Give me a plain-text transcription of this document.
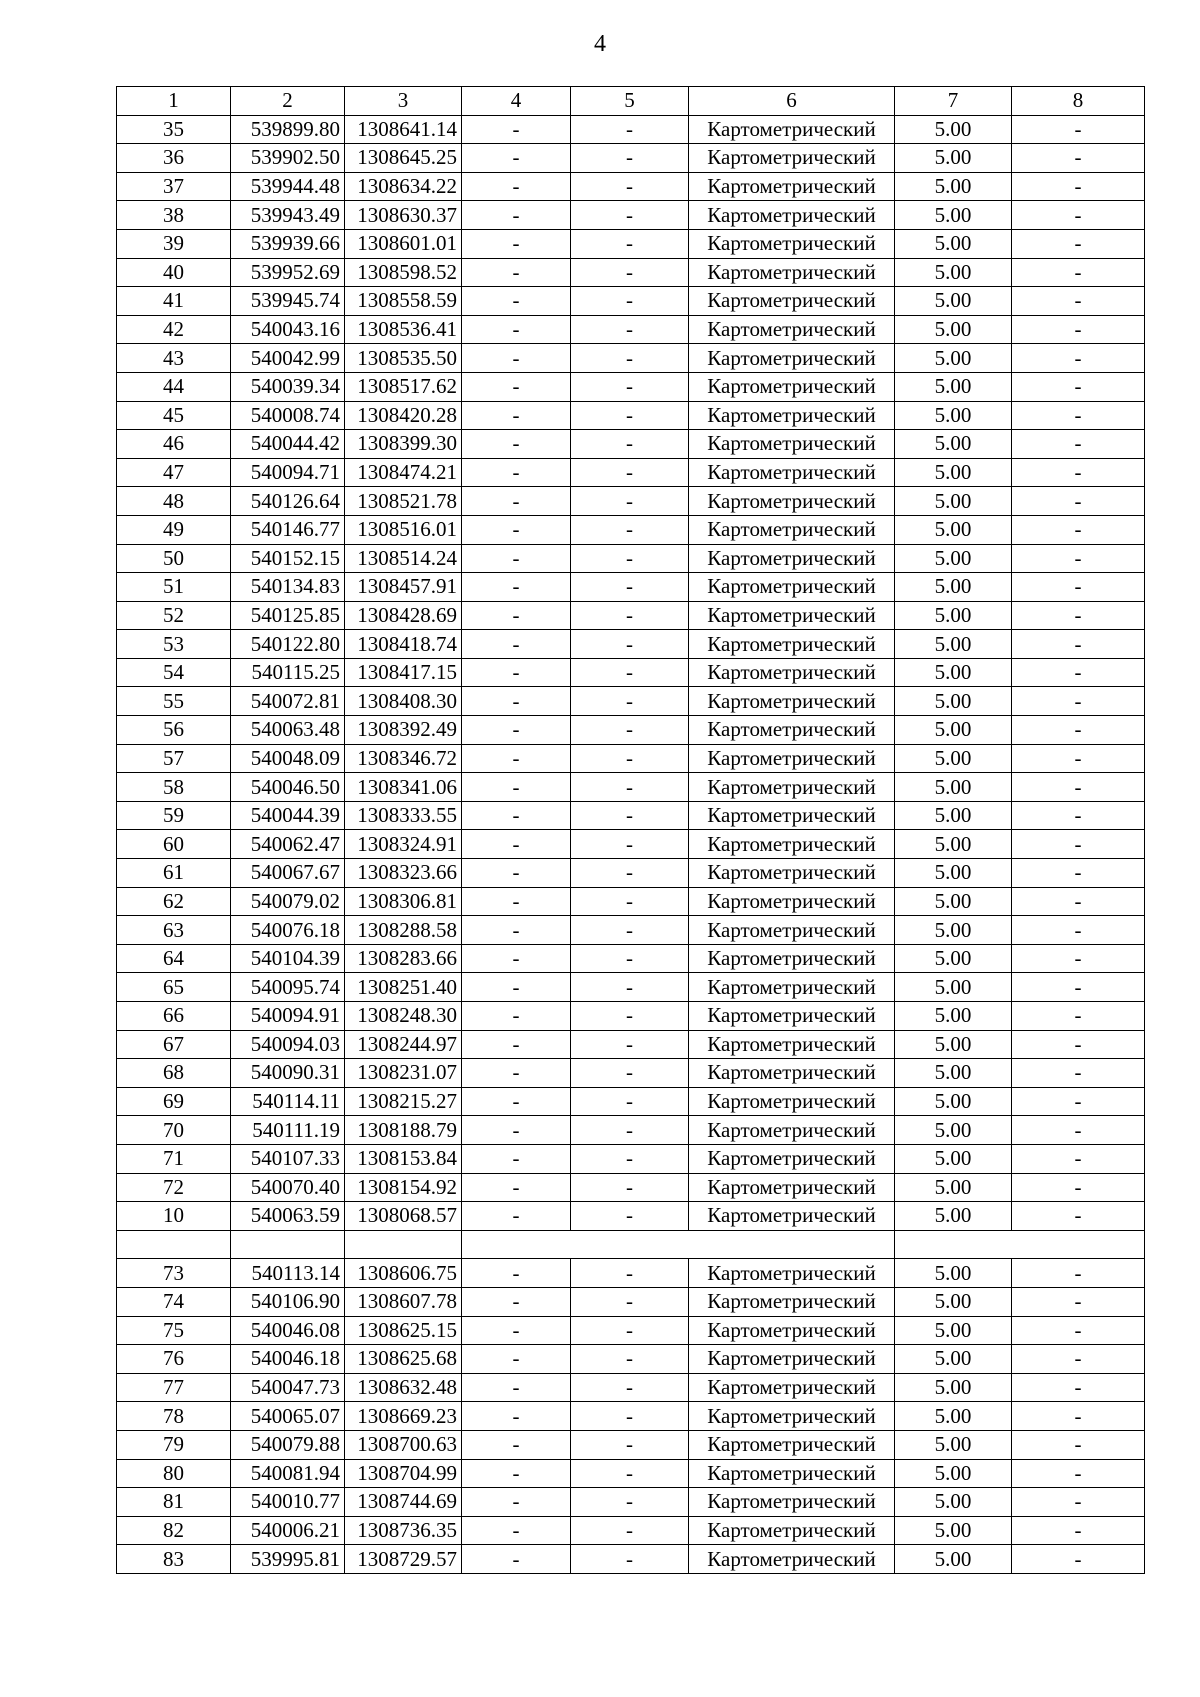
4
1	2	3	4	5	6	7	8
35	539899.80	1308641.14	-	-	Картометрический	5.00	-
36	539902.50	1308645.25	-	-	Картометрический	5.00	-
37	539944.48	1308634.22	-	-	Картометрический	5.00	-
38	539943.49	1308630.37	-	-	Картометрический	5.00	-
39	539939.66	1308601.01	-	-	Картометрический	5.00	-
40	539952.69	1308598.52	-	-	Картометрический	5.00	-
41	539945.74	1308558.59	-	-	Картометрический	5.00	-
42	540043.16	1308536.41	-	-	Картометрический	5.00	-
43	540042.99	1308535.50	-	-	Картометрический	5.00	-
44	540039.34	1308517.62	-	-	Картометрический	5.00	-
45	540008.74	1308420.28	-	-	Картометрический	5.00	-
46	540044.42	1308399.30	-	-	Картометрический	5.00	-
47	540094.71	1308474.21	-	-	Картометрический	5.00	-
48	540126.64	1308521.78	-	-	Картометрический	5.00	-
49	540146.77	1308516.01	-	-	Картометрический	5.00	-
50	540152.15	1308514.24	-	-	Картометрический	5.00	-
51	540134.83	1308457.91	-	-	Картометрический	5.00	-
52	540125.85	1308428.69	-	-	Картометрический	5.00	-
53	540122.80	1308418.74	-	-	Картометрический	5.00	-
54	540115.25	1308417.15	-	-	Картометрический	5.00	-
55	540072.81	1308408.30	-	-	Картометрический	5.00	-
56	540063.48	1308392.49	-	-	Картометрический	5.00	-
57	540048.09	1308346.72	-	-	Картометрический	5.00	-
58	540046.50	1308341.06	-	-	Картометрический	5.00	-
59	540044.39	1308333.55	-	-	Картометрический	5.00	-
60	540062.47	1308324.91	-	-	Картометрический	5.00	-
61	540067.67	1308323.66	-	-	Картометрический	5.00	-
62	540079.02	1308306.81	-	-	Картометрический	5.00	-
63	540076.18	1308288.58	-	-	Картометрический	5.00	-
64	540104.39	1308283.66	-	-	Картометрический	5.00	-
65	540095.74	1308251.40	-	-	Картометрический	5.00	-
66	540094.91	1308248.30	-	-	Картометрический	5.00	-
67	540094.03	1308244.97	-	-	Картометрический	5.00	-
68	540090.31	1308231.07	-	-	Картометрический	5.00	-
69	540114.11	1308215.27	-	-	Картометрический	5.00	-
70	540111.19	1308188.79	-	-	Картометрический	5.00	-
71	540107.33	1308153.84	-	-	Картометрический	5.00	-
72	540070.40	1308154.92	-	-	Картометрический	5.00	-
10	540063.59	1308068.57	-	-	Картометрический	5.00	-

73	540113.14	1308606.75	-	-	Картометрический	5.00	-
74	540106.90	1308607.78	-	-	Картометрический	5.00	-
75	540046.08	1308625.15	-	-	Картометрический	5.00	-
76	540046.18	1308625.68	-	-	Картометрический	5.00	-
77	540047.73	1308632.48	-	-	Картометрический	5.00	-
78	540065.07	1308669.23	-	-	Картометрический	5.00	-
79	540079.88	1308700.63	-	-	Картометрический	5.00	-
80	540081.94	1308704.99	-	-	Картометрический	5.00	-
81	540010.77	1308744.69	-	-	Картометрический	5.00	-
82	540006.21	1308736.35	-	-	Картометрический	5.00	-
83	539995.81	1308729.57	-	-	Картометрический	5.00	-
